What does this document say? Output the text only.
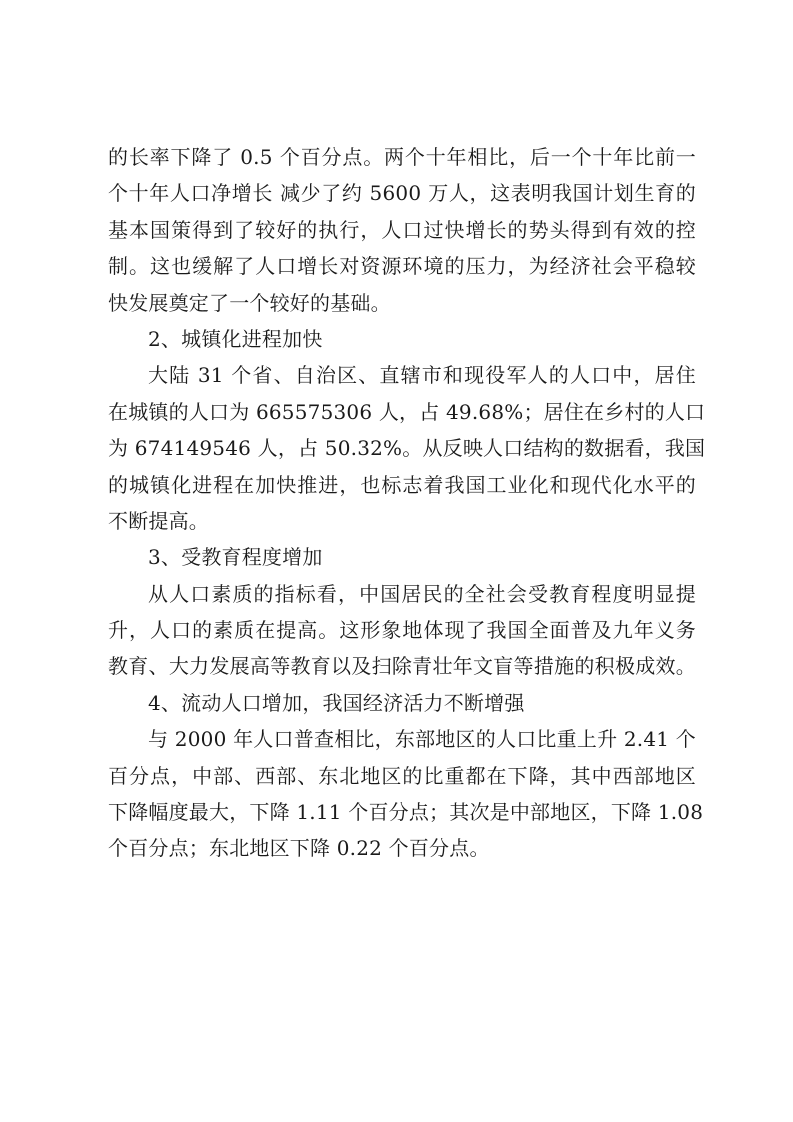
的长率下降了 0.5 个百分点。两个十年相比，后一个十年比前一
个十年人口净增长 减少了约 5600 万人，这表明我国计划生育的
基本国策得到了较好的执行，人口过快增长的势头得到有效的控
制。这也缓解了人口增长对资源环境的压力，为经济社会平稳较
快发展奠定了一个较好的基础。
2、城镇化进程加快
大陆 31 个省、自治区、直辖市和现役军人的人口中，居住
在城镇的人口为 665575306 人，占 49.68%；居住在乡村的人口
为 674149546 人，占 50.32%。从反映人口结构的数据看，我国
的城镇化进程在加快推进，也标志着我国工业化和现代化水平的
不断提高。
3、受教育程度增加
从人口素质的指标看，中国居民的全社会受教育程度明显提
升，人口的素质在提高。这形象地体现了我国全面普及九年义务
教育、大力发展高等教育以及扫除青壮年文盲等措施的积极成效。
4、流动人口增加，我国经济活力不断增强
与 2000 年人口普查相比，东部地区的人口比重上升 2.41 个
百分点，中部、西部、东北地区的比重都在下降，其中西部地区
下降幅度最大，下降 1.11 个百分点；其次是中部地区，下降 1.08
个百分点；东北地区下降 0.22 个百分点。
